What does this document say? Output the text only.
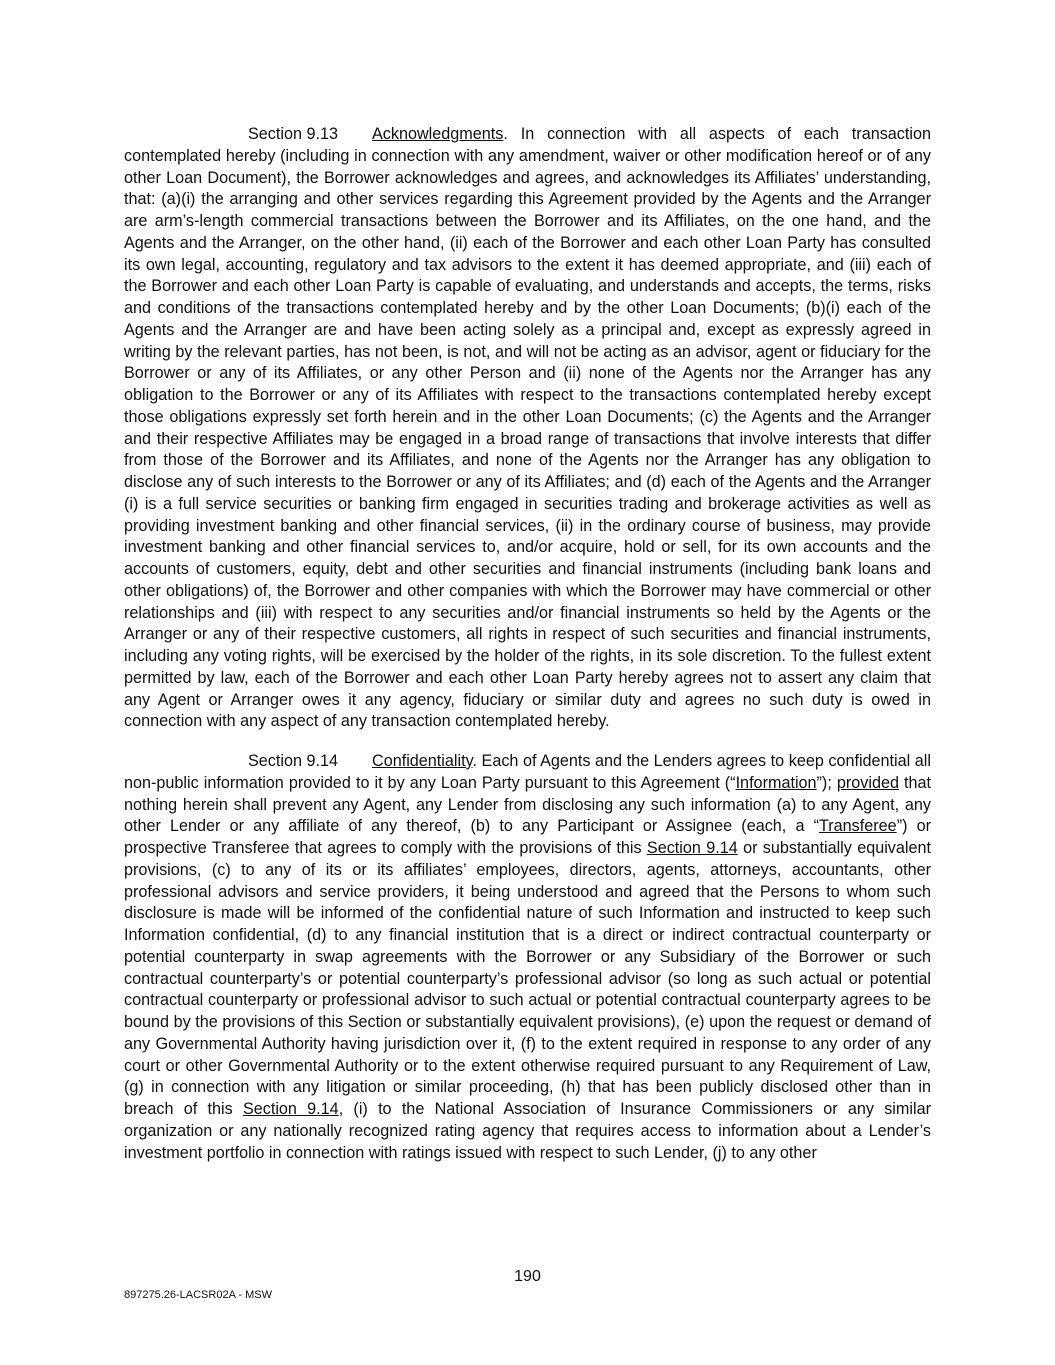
Section 9.13 Acknowledgments. In connection with all aspects of each transaction contemplated hereby (including in connection with any amendment, waiver or other modification hereof or of any other Loan Document), the Borrower acknowledges and agrees, and acknowledges its Affiliates’ understanding, that: (a)(i) the arranging and other services regarding this Agreement provided by the Agents and the Arranger are arm’s-length commercial transactions between the Borrower and its Affiliates, on the one hand, and the Agents and the Arranger, on the other hand, (ii) each of the Borrower and each other Loan Party has consulted its own legal, accounting, regulatory and tax advisors to the extent it has deemed appropriate, and (iii) each of the Borrower and each other Loan Party is capable of evaluating, and understands and accepts, the terms, risks and conditions of the transactions contemplated hereby and by the other Loan Documents; (b)(i) each of the Agents and the Arranger are and have been acting solely as a principal and, except as expressly agreed in writing by the relevant parties, has not been, is not, and will not be acting as an advisor, agent or fiduciary for the Borrower or any of its Affiliates, or any other Person and (ii) none of the Agents nor the Arranger has any obligation to the Borrower or any of its Affiliates with respect to the transactions contemplated hereby except those obligations expressly set forth herein and in the other Loan Documents; (c) the Agents and the Arranger and their respective Affiliates may be engaged in a broad range of transactions that involve interests that differ from those of the Borrower and its Affiliates, and none of the Agents nor the Arranger has any obligation to disclose any of such interests to the Borrower or any of its Affiliates; and (d) each of the Agents and the Arranger (i) is a full service securities or banking firm engaged in securities trading and brokerage activities as well as providing investment banking and other financial services, (ii) in the ordinary course of business, may provide investment banking and other financial services to, and/or acquire, hold or sell, for its own accounts and the accounts of customers, equity, debt and other securities and financial instruments (including bank loans and other obligations) of, the Borrower and other companies with which the Borrower may have commercial or other relationships and (iii) with respect to any securities and/or financial instruments so held by the Agents or the Arranger or any of their respective customers, all rights in respect of such securities and financial instruments, including any voting rights, will be exercised by the holder of the rights, in its sole discretion. To the fullest extent permitted by law, each of the Borrower and each other Loan Party hereby agrees not to assert any claim that any Agent or Arranger owes it any agency, fiduciary or similar duty and agrees no such duty is owed in connection with any aspect of any transaction contemplated hereby.

Section 9.14 Confidentiality. Each of Agents and the Lenders agrees to keep confidential all non-public information provided to it by any Loan Party pursuant to this Agreement (“Information”); provided that nothing herein shall prevent any Agent, any Lender from disclosing any such information (a) to any Agent, any other Lender or any affiliate of any thereof, (b) to any Participant or Assignee (each, a “Transferee”) or prospective Transferee that agrees to comply with the provisions of this Section 9.14 or substantially equivalent provisions, (c) to any of its or its affiliates’ employees, directors, agents, attorneys, accountants, other professional advisors and service providers, it being understood and agreed that the Persons to whom such disclosure is made will be informed of the confidential nature of such Information and instructed to keep such Information confidential, (d) to any financial institution that is a direct or indirect contractual counterparty or potential counterparty in swap agreements with the Borrower or any Subsidiary of the Borrower or such contractual counterparty’s or potential counterparty’s professional advisor (so long as such actual or potential contractual counterparty or professional advisor to such actual or potential contractual counterparty agrees to be bound by the provisions of this Section or substantially equivalent provisions), (e) upon the request or demand of any Governmental Authority having jurisdiction over it, (f) to the extent required in response to any order of any court or other Governmental Authority or to the extent otherwise required pursuant to any Requirement of Law, (g) in connection with any litigation or similar proceeding, (h) that has been publicly disclosed other than in breach of this Section 9.14, (i) to the National Association of Insurance Commissioners or any similar organization or any nationally recognized rating agency that requires access to information about a Lender’s investment portfolio in connection with ratings issued with respect to such Lender, (j) to any other

190
897275.26-LACSR02A - MSW
